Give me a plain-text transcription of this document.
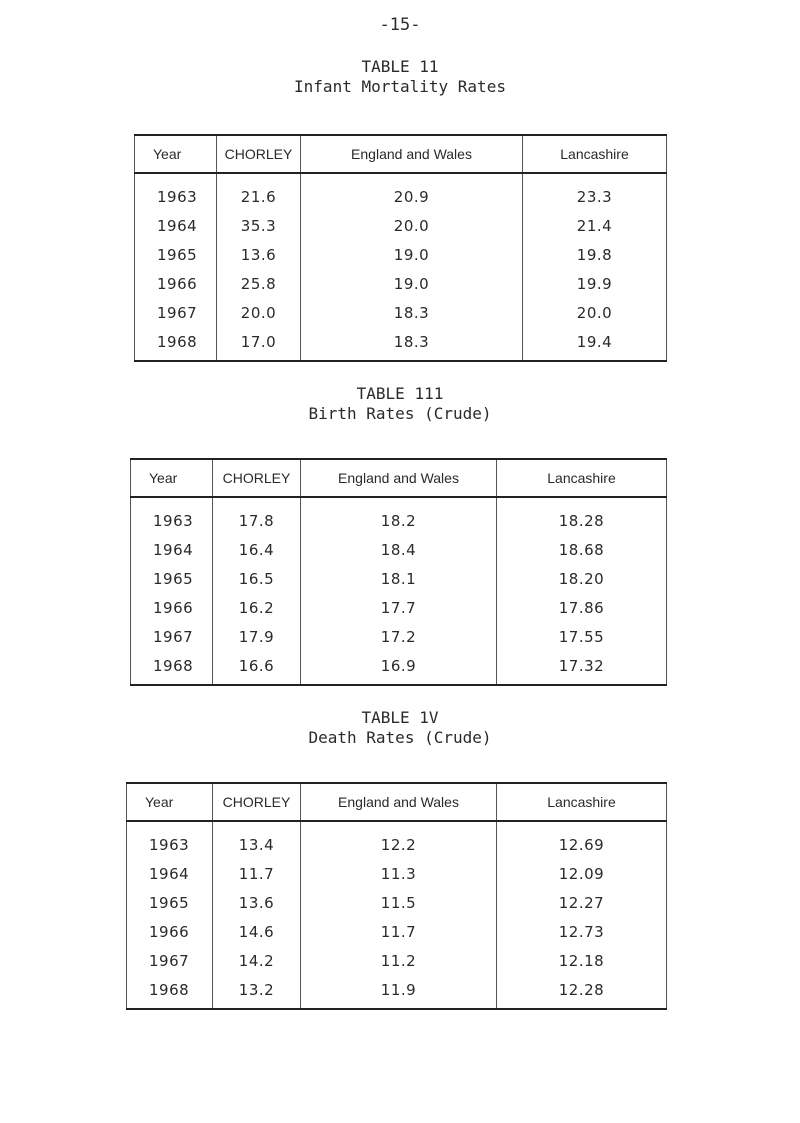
-15-
TABLE 11
Infant Mortality Rates
Year	CHORLEY	England and Wales	Lancashire
1963	21.6	20.9	23.3
1964	35.3	20.0	21.4
1965	13.6	19.0	19.8
1966	25.8	19.0	19.9
1967	20.0	18.3	20.0
1968	17.0	18.3	19.4
TABLE 111
Birth Rates (Crude)
Year	CHORLEY	England and Wales	Lancashire
1963	17.8	18.2	18.28
1964	16.4	18.4	18.68
1965	16.5	18.1	18.20
1966	16.2	17.7	17.86
1967	17.9	17.2	17.55
1968	16.6	16.9	17.32
TABLE 1V
Death Rates (Crude)
Year	CHORLEY	England and Wales	Lancashire
1963	13.4	12.2	12.69
1964	11.7	11.3	12.09
1965	13.6	11.5	12.27
1966	14.6	11.7	12.73
1967	14.2	11.2	12.18
1968	13.2	11.9	12.28
